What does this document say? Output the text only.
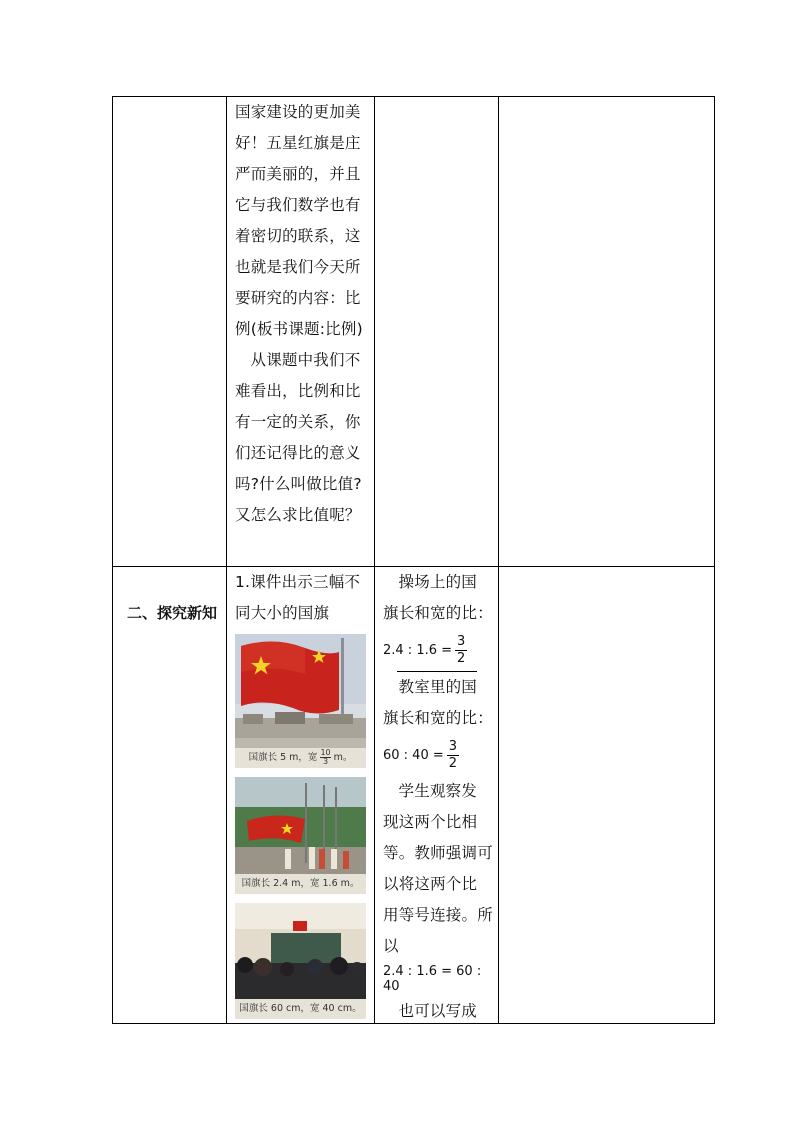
国家建设的更加美

好！五星红旗是庄

严而美丽的，并且

它与我们数学也有

着密切的联系，这

也就是我们今天所

要研究的内容：比

例(板书课题:比例)

从课题中我们不

难看出，比例和比

有一定的关系，你

们还记得比的意义

吗?什么叫做比值?

又怎么求比值呢？

二、探究新知

1.课件出示三幅不

同大小的国旗

国旗长 5 m，宽 $\frac{10}{3}$ m。
国旗长 2.4 m，宽 1.6 m。
国旗长 60 cm，宽 40 cm。
操场上的国
旗长和宽的比：
2.4 : $1.6 = \frac{3}{2}$
教室里的国
旗长和宽的比：
60 : $40 = \frac{3}{2}$
学生观察发
现这两个比相
等。教师强调可
以将这两个比
用等号连接。所
以
2.4 : 1.6 = 60 : 40
也可以写成
